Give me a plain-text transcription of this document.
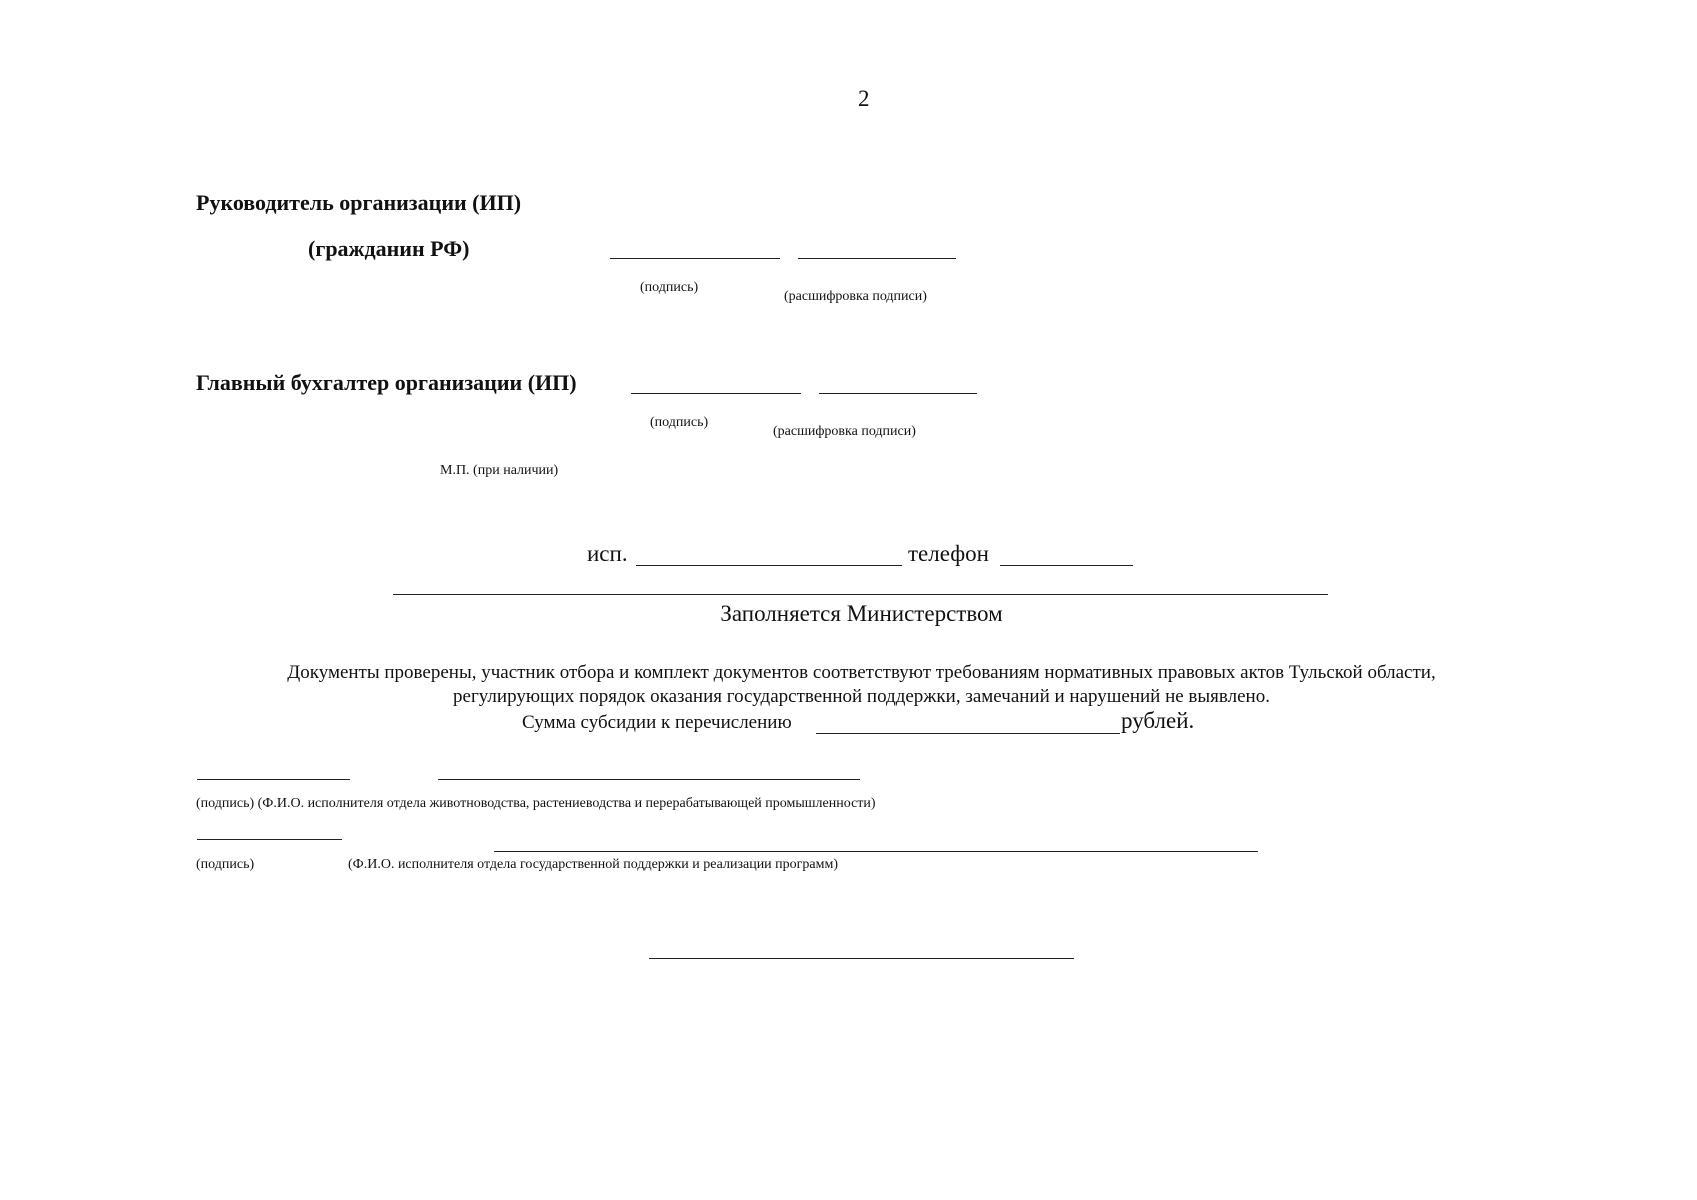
2
Руководитель организации (ИП)
(гражданин РФ)
(подпись)
(расшифровка подписи)
Главный бухгалтер организации (ИП)
(подпись)
(расшифровка подписи)
М.П. (при наличии)
исп.	телефон
Заполняется Министерством
Документы проверены, участник отбора и комплект документов соответствуют требованиям нормативных правовых актов Тульской области,
регулирующих порядок оказания государственной поддержки, замечаний и нарушений не выявлено.
Сумма субсидии к перечислению	рублей.
(подпись) (Ф.И.О. исполнителя отдела животноводства, растениеводства и перерабатывающей промышленности)
(подпись)	(Ф.И.О. исполнителя отдела государственной поддержки и реализации программ)
